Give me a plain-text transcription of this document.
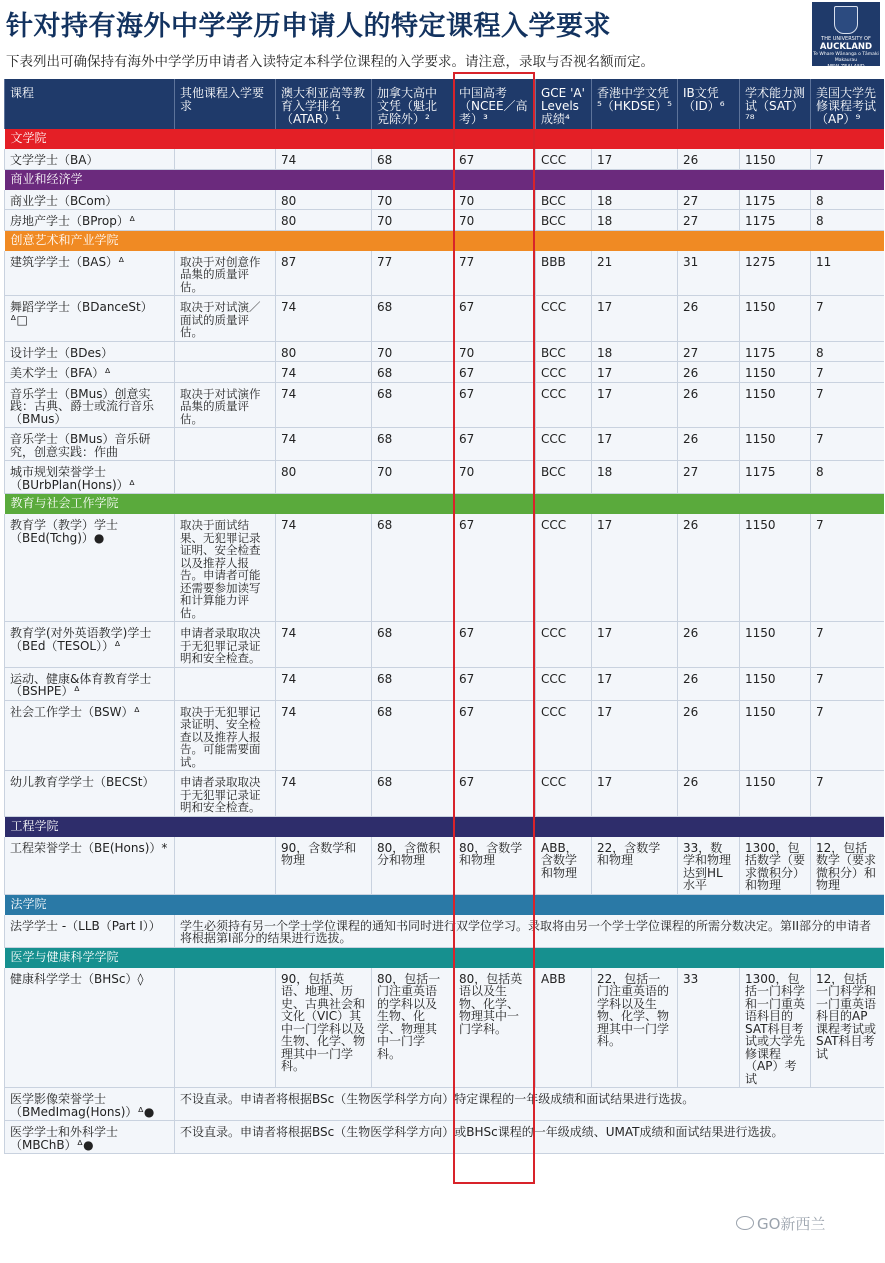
针对持有海外中学学历申请人的特定课程入学要求
下表列出可确保持有海外中学学历申请者入读特定本科学位课程的入学要求。请注意，录取与否视名额而定。
THE UNIVERSITY OF
AUCKLAND
Te Whare Wānanga o Tāmaki Makaurau
NEW ZEALAND
课程	其他课程入学要求	澳大利亚高等教育入学排名（ATAR）¹	加拿大高中文凭（魁北克除外）²	中国高考（NCEE／高考）³	GCE 'A' Levels成绩⁴	香港中学文凭⁵（HKDSE）⁵	IB文凭（ID）⁶	学术能力测试（SAT）⁷⁸	美国大学先修课程考试（AP）⁹
文学院									
文学学士（BA）		74	68	67	CCC	17	26	1150	7
商业和经济学									
商业学士（BCom）		80	70	70	BCC	18	27	1175	8
房地产学士（BProp）ᐞ		80	70	70	BCC	18	27	1175	8
创意艺术和产业学院									
建筑学学士（BAS）ᐞ	取决于对创意作品集的质量评估。	87	77	77	BBB	21	31	1275	11
舞蹈学学士（BDanceSt）ᐞ□	取决于对试演／面试的质量评估。	74	68	67	CCC	17	26	1150	7
设计学士（BDes）		80	70	70	BCC	18	27	1175	8
美术学士（BFA）ᐞ		74	68	67	CCC	17	26	1150	7
音乐学士（BMus）创意实践：古典、爵士或流行音乐（BMus）	取决于对试演作品集的质量评估。	74	68	67	CCC	17	26	1150	7
音乐学士（BMus）音乐研究，创意实践：作曲		74	68	67	CCC	17	26	1150	7
城市规划荣誉学士（BUrbPlan(Hons)）ᐞ		80	70	70	BCC	18	27	1175	8
教育与社会工作学院									
教育学（教学）学士（BEd(Tchg)）●	取决于面试结果、无犯罪记录证明、安全检查以及推荐人报告。申请者可能还需要参加读写和计算能力评估。	74	68	67	CCC	17	26	1150	7
教育学(对外英语教学)学士（BEd（TESOL））ᐞ	申请者录取取决于无犯罪记录证明和安全检查。	74	68	67	CCC	17	26	1150	7
运动、健康&体育教育学士（BSHPE）ᐞ		74	68	67	CCC	17	26	1150	7
社会工作学士（BSW）ᐞ	取决于无犯罪记录证明、安全检查以及推荐人报告。可能需要面试。	74	68	67	CCC	17	26	1150	7
幼儿教育学学士（BECSt）	申请者录取取决于无犯罪记录证明和安全检查。	74	68	67	CCC	17	26	1150	7
工程学院									
工程荣誉学士（BE(Hons)）*		90，含数学和物理	80，含微积分和物理	80，含数学和物理	ABB，含数学和物理	22，含数学和物理	33，数学和物理达到HL水平	1300，包括数学（要求微积分）和物理	12，包括数学（要求微积分）和物理
法学院									
法学学士 -（LLB（Part I））	学生必须持有另一个学士学位课程的通知书同时进行双学位学习。录取将由另一个学士学位课程的所需分数决定。第II部分的申请者将根据第I部分的结果进行选拔。								
医学与健康科学学院									
健康科学学士（BHSc）◊		90，包括英语、地理、历史、古典社会和文化（VIC）其中一门学科以及生物、化学、物理其中一门学科。	80，包括一门注重英语的学科以及生物、化学、物理其中一门学科。	80，包括英语以及生物、化学、物理其中一门学科。	ABB	22，包括一门注重英语的学科以及生物、化学、物理其中一门学科。	33	1300，包括一门科学和一门重英语科目的SAT科目考试或大学先修课程（AP）考试	12，包括一门科学和一门重英语科目的AP课程考试或SAT科目考试
医学影像荣誉学士（BMedImag(Hons)）ᐞ●	不设直录。申请者将根据BSc（生物医学科学方向）特定课程的一年级成绩和面试结果进行选拔。								
医学学士和外科学士（MBChB）ᐞ●	不设直录。申请者将根据BSc（生物医学科学方向）或BHSc课程的一年级成绩、UMAT成绩和面试结果进行选拔。								
GO新西兰
